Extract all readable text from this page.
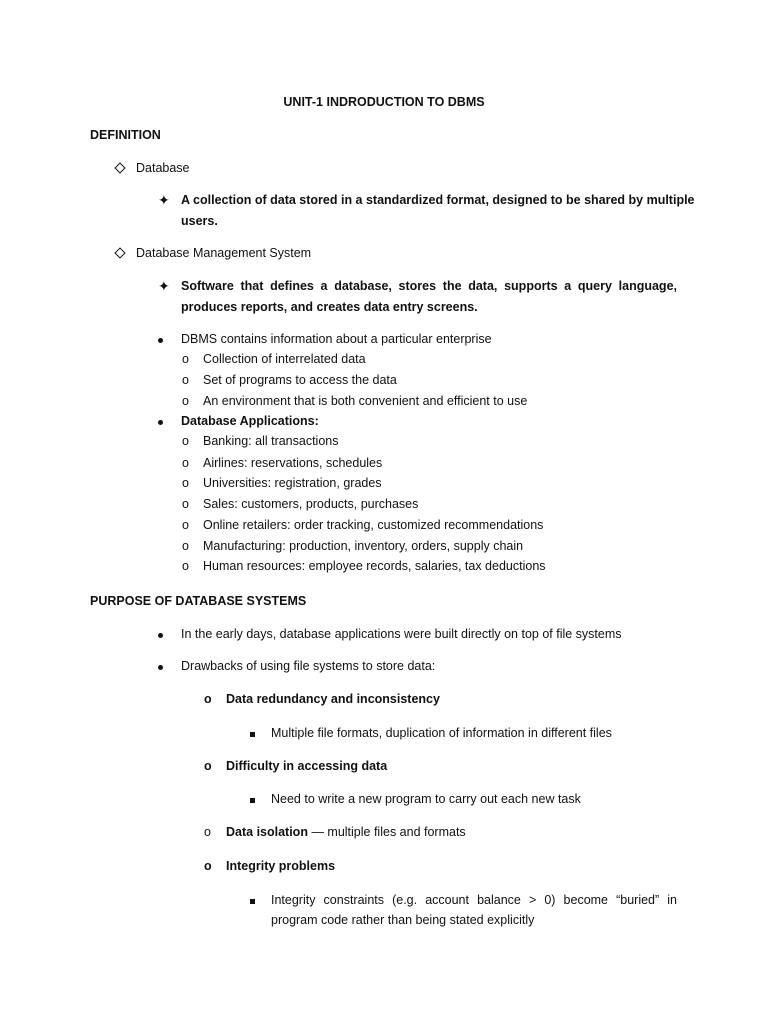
UNIT-1 INDRODUCTION TO DBMS
DEFINITION
Database
✦ A collection of data stored in a standardized format, designed to be shared by multiple
users.
Database Management System
✦ Software that defines a database, stores the data, supports a query language,
produces reports, and creates data entry screens.
DBMS contains information about a particular enterprise
o Collection of interrelated data
o Set of programs to access the data
o An environment that is both convenient and efficient to use
Database Applications:
o Banking: all transactions
o Airlines: reservations, schedules
o Universities: registration, grades
o Sales: customers, products, purchases
o Online retailers: order tracking, customized recommendations
o Manufacturing: production, inventory, orders, supply chain
o Human resources: employee records, salaries, tax deductions
PURPOSE OF DATABASE SYSTEMS
In the early days, database applications were built directly on top of file systems
Drawbacks of using file systems to store data:
o Data redundancy and inconsistency
Multiple file formats, duplication of information in different files
o Difficulty in accessing data
Need to write a new program to carry out each new task
o Data isolation — multiple files and formats
o Integrity problems
Integrity constraints (e.g. account balance > 0) become “buried” in
program code rather than being stated explicitly
